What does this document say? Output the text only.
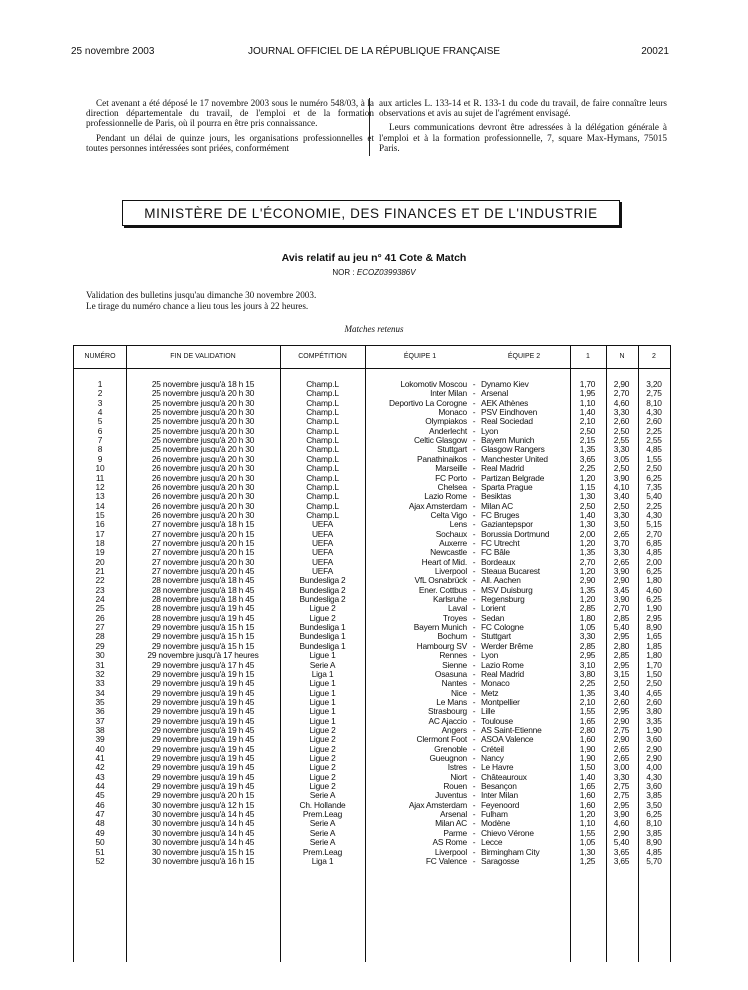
25 novembre 2003	JOURNAL OFFICIEL DE LA RÉPUBLIQUE FRANÇAISE	20021

Cet avenant a été déposé le 17 novembre 2003 sous le numéro 548/03, à la direction départementale du travail, de l'emploi et de la formation professionnelle de Paris, où il pourra en être pris connaissance.

Pendant un délai de quinze jours, les organisations professionnelles et toutes personnes intéressées sont priées, conformément

aux articles L. 133-14 et R. 133-1 du code du travail, de faire connaître leurs observations et avis au sujet de l'agrément envisagé.

Leurs communications devront être adressées à la délégation générale à l'emploi et à la formation professionnelle, 7, square Max-Hymans, 75015 Paris.

MINISTÈRE DE L'ÉCONOMIE, DES FINANCES ET DE L'INDUSTRIE
Avis relatif au jeu n° 41 Cote & Match
NOR : ECOZ0399386V
Validation des bulletins jusqu'au dimanche 30 novembre 2003.
Le tirage du numéro chance a lieu tous les jours à 22 heures.
Matches retenus
NUMÉRO	FIN DE VALIDATION	COMPÉTITION	ÉQUIPE 1	ÉQUIPE 2	1	N	2
1	25 novembre jusqu'à 18 h 15	Champ.L	Lokomotiv Moscou - Dynamo Kiev	1,70	2,90	3,20
2	25 novembre jusqu'à 20 h 30	Champ.L	Inter Milan - Arsenal	1,95	2,70	2,75
3	25 novembre jusqu'à 20 h 30	Champ.L	Deportivo La Corogne - AEK Athènes	1,10	4,60	8,10
4	25 novembre jusqu'à 20 h 30	Champ.L	Monaco - PSV Eindhoven	1,40	3,30	4,30
5	25 novembre jusqu'à 20 h 30	Champ.L	Olympiakos - Real Sociedad	2,10	2,60	2,60
6	25 novembre jusqu'à 20 h 30	Champ.L	Anderlecht - Lyon	2,50	2,50	2,25
7	25 novembre jusqu'à 20 h 30	Champ.L	Celtic Glasgow - Bayern Munich	2,15	2,55	2,55
8	25 novembre jusqu'à 20 h 30	Champ.L	Stuttgart - Glasgow Rangers	1,35	3,30	4,85
9	26 novembre jusqu'à 20 h 30	Champ.L	Panathinaikos - Manchester United	3,65	3,05	1,55
10	26 novembre jusqu'à 20 h 30	Champ.L	Marseille - Real Madrid	2,25	2,50	2,50
11	26 novembre jusqu'à 20 h 30	Champ.L	FC Porto - Partizan Belgrade	1,20	3,90	6,25
12	26 novembre jusqu'à 20 h 30	Champ.L	Chelsea - Sparta Prague	1,15	4,10	7,35
13	26 novembre jusqu'à 20 h 30	Champ.L	Lazio Rome - Besiktas	1,30	3,40	5,40
14	26 novembre jusqu'à 20 h 30	Champ.L	Ajax Amsterdam - Milan AC	2,50	2,50	2,25
15	26 novembre jusqu'à 20 h 30	Champ.L	Celta Vigo - FC Bruges	1,40	3,30	4,30
16	27 novembre jusqu'à 18 h 15	UEFA	Lens - Gaziantepspor	1,30	3,50	5,15
17	27 novembre jusqu'à 20 h 15	UEFA	Sochaux - Borussia Dortmund	2,00	2,65	2,70
18	27 novembre jusqu'à 20 h 15	UEFA	Auxerre - FC Utrecht	1,20	3,70	6,85
19	27 novembre jusqu'à 20 h 15	UEFA	Newcastle - FC Bâle	1,35	3,30	4,85
20	27 novembre jusqu'à 20 h 30	UEFA	Heart of Mid. - Bordeaux	2,70	2,65	2,00
21	27 novembre jusqu'à 20 h 45	UEFA	Liverpool - Steaua Bucarest	1,20	3,90	6,25
22	28 novembre jusqu'à 18 h 45	Bundesliga 2	VfL Osnabrück - All. Aachen	2,90	2,90	1,80
23	28 novembre jusqu'à 18 h 45	Bundesliga 2	Ener. Cottbus - MSV Duisburg	1,35	3,45	4,60
24	28 novembre jusqu'à 18 h 45	Bundesliga 2	Karlsruhe - Regensburg	1,20	3,90	6,25
25	28 novembre jusqu'à 19 h 45	Ligue 2	Laval - Lorient	2,85	2,70	1,90
26	28 novembre jusqu'à 19 h 45	Ligue 2	Troyes - Sedan	1,80	2,85	2,95
27	29 novembre jusqu'à 15 h 15	Bundesliga 1	Bayern Munich - FC Cologne	1,05	5,40	8,90
28	29 novembre jusqu'à 15 h 15	Bundesliga 1	Bochum - Stuttgart	3,30	2,95	1,65
29	29 novembre jusqu'à 15 h 15	Bundesliga 1	Hambourg SV - Werder Brême	2,85	2,80	1,85
30	29 novembre jusqu'à 17 heures	Ligue 1	Rennes - Lyon	2,95	2,85	1,80
31	29 novembre jusqu'à 17 h 45	Serie A	Sienne - Lazio Rome	3,10	2,95	1,70
32	29 novembre jusqu'à 19 h 15	Liga 1	Osasuna - Real Madrid	3,80	3,15	1,50
33	29 novembre jusqu'à 19 h 45	Ligue 1	Nantes - Monaco	2,25	2,50	2,50
34	29 novembre jusqu'à 19 h 45	Ligue 1	Nice - Metz	1,35	3,40	4,65
35	29 novembre jusqu'à 19 h 45	Ligue 1	Le Mans - Montpellier	2,10	2,60	2,60
36	29 novembre jusqu'à 19 h 45	Ligue 1	Strasbourg - Lille	1,55	2,95	3,80
37	29 novembre jusqu'à 19 h 45	Ligue 1	AC Ajaccio - Toulouse	1,65	2,90	3,35
38	29 novembre jusqu'à 19 h 45	Ligue 2	Angers - AS Saint-Etienne	2,80	2,75	1,90
39	29 novembre jusqu'à 19 h 45	Ligue 2	Clermont Foot - ASOA Valence	1,60	2,90	3,60
40	29 novembre jusqu'à 19 h 45	Ligue 2	Grenoble - Créteil	1,90	2,65	2,90
41	29 novembre jusqu'à 19 h 45	Ligue 2	Gueugnon - Nancy	1,90	2,65	2,90
42	29 novembre jusqu'à 19 h 45	Ligue 2	Istres - Le Havre	1,50	3,00	4,00
43	29 novembre jusqu'à 19 h 45	Ligue 2	Niort - Châteauroux	1,40	3,30	4,30
44	29 novembre jusqu'à 19 h 45	Ligue 2	Rouen - Besançon	1,65	2,75	3,60
45	29 novembre jusqu'à 20 h 15	Serie A	Juventus - Inter Milan	1,60	2,75	3,85
46	30 novembre jusqu'à 12 h 15	Ch. Hollande	Ajax Amsterdam - Feyenoord	1,60	2,95	3,50
47	30 novembre jusqu'à 14 h 45	Prem.Leag	Arsenal - Fulham	1,20	3,90	6,25
48	30 novembre jusqu'à 14 h 45	Serie A	Milan AC - Modène	1,10	4,60	8,10
49	30 novembre jusqu'à 14 h 45	Serie A	Parme - Chievo Vérone	1,55	2,90	3,85
50	30 novembre jusqu'à 14 h 45	Serie A	AS Rome - Lecce	1,05	5,40	8,90
51	30 novembre jusqu'à 15 h 15	Prem.Leag	Liverpool - Birmingham City	1,30	3,65	4,85
52	30 novembre jusqu'à 16 h 15	Liga 1	FC Valence - Saragosse	1,25	3,65	5,70
